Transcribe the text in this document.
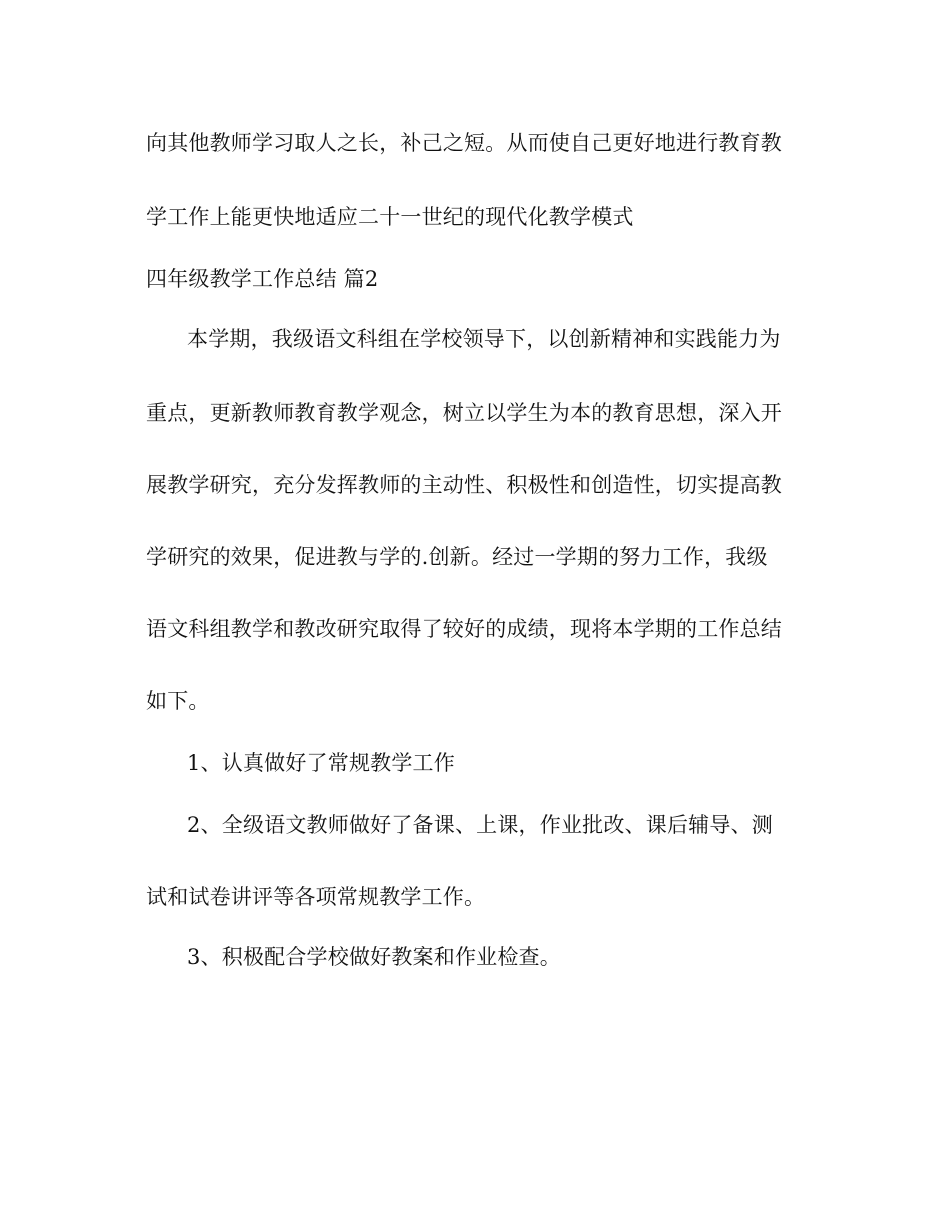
向其他教师学习取人之长，补己之短。从而使自己更好地进行教育教
学工作上能更快地适应二十一世纪的现代化教学模式
四年级教学工作总结 篇2
本学期，我级语文科组在学校领导下，以创新精神和实践能力为
重点，更新教师教育教学观念，树立以学生为本的教育思想，深入开
展教学研究，充分发挥教师的主动性、积极性和创造性，切实提高教
学研究的效果，促进教与学的.创新。经过一学期的努力工作，我级
语文科组教学和教改研究取得了较好的成绩，现将本学期的工作总结
如下。
1、认真做好了常规教学工作
2、全级语文教师做好了备课、上课，作业批改、课后辅导、测
试和试卷讲评等各项常规教学工作。
3、积极配合学校做好教案和作业检查。
